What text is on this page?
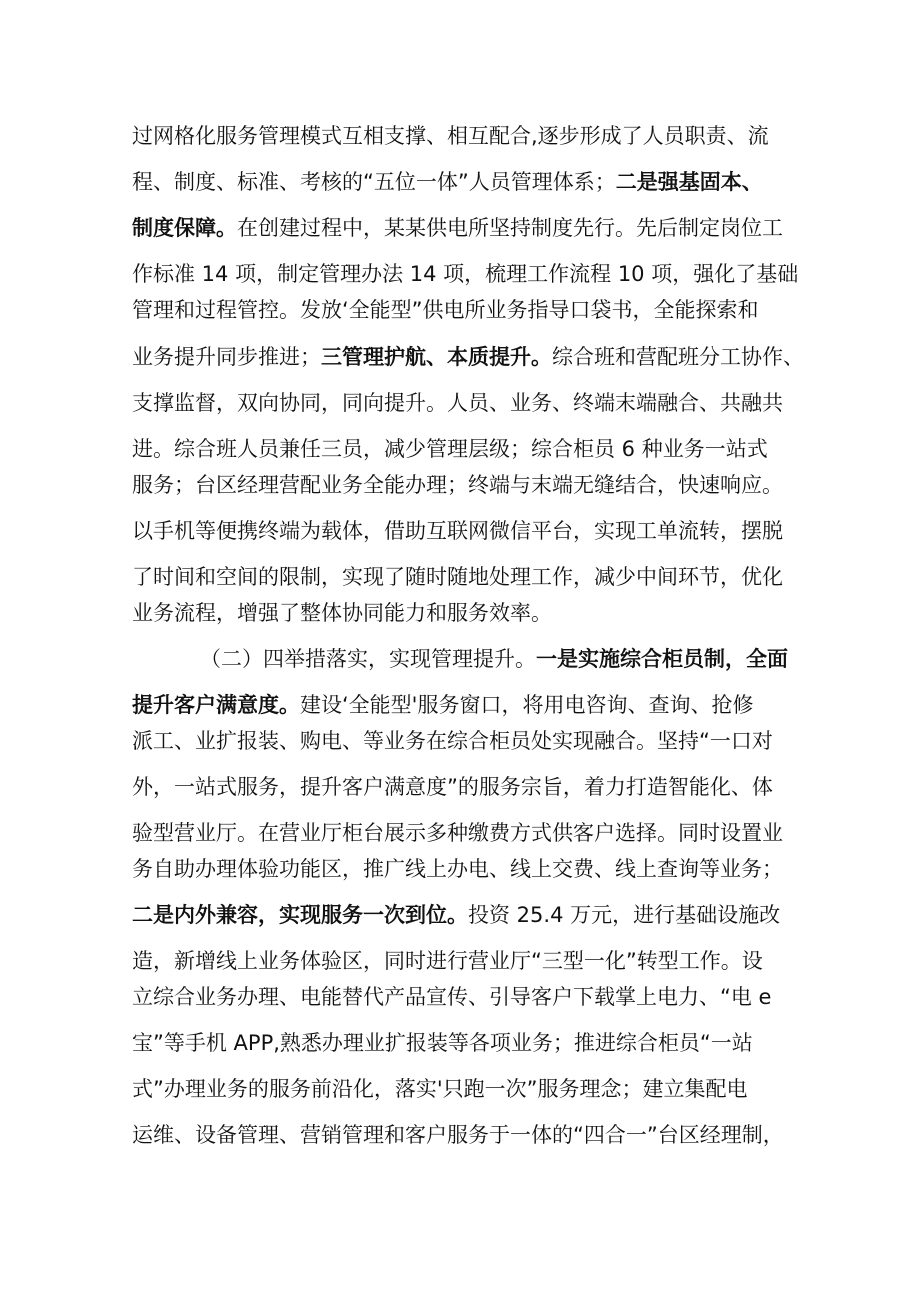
过网格化服务管理模式互相支撑、相互配合,逐步形成了人员职责、流
程、制度、标准、考核的“五位一体”人员管理体系；二是强基固本、
制度保障。在创建过程中，某某供电所坚持制度先行。先后制定岗位工
作标准 14 项，制定管理办法 14 项，梳理工作流程 10 项，强化了基础
管理和过程管控。发放‘全能型”供电所业务指导口袋书，全能探索和
业务提升同步推进；三管理护航、本质提升。综合班和营配班分工协作、
支撑监督，双向协同，同向提升。人员、业务、终端末端融合、共融共
进。综合班人员兼任三员，减少管理层级；综合柜员 6 种业务一站式
服务；台区经理营配业务全能办理；终端与末端无缝结合，快速响应。
以手机等便携终端为载体，借助互联网微信平台，实现工单流转，摆脱
了时间和空间的限制，实现了随时随地处理工作，减少中间环节，优化
业务流程，增强了整体协同能力和服务效率。
（二）四举措落实，实现管理提升。一是实施综合柜员制，全面
提升客户满意度。建设‘全能型'服务窗口，将用电咨询、查询、抢修
派工、业扩报装、购电、等业务在综合柜员处实现融合。坚持“一口对
外，一站式服务，提升客户满意度”的服务宗旨，着力打造智能化、体
验型营业厅。在营业厅柜台展示多种缴费方式供客户选择。同时设置业
务自助办理体验功能区，推广线上办电、线上交费、线上查询等业务；
二是内外兼容，实现服务一次到位。投资 25.4 万元，进行基础设施改
造，新增线上业务体验区，同时进行营业厅“三型一化”转型工作。设
立综合业务办理、电能替代产品宣传、引导客户下载掌上电力、“电 e
宝”等手机 APP,熟悉办理业扩报装等各项业务；推进综合柜员“一站
式”办理业务的服务前沿化，落实'只跑一次”服务理念；建立集配电
运维、设备管理、营销管理和客户服务于一体的“四合一”台区经理制，
